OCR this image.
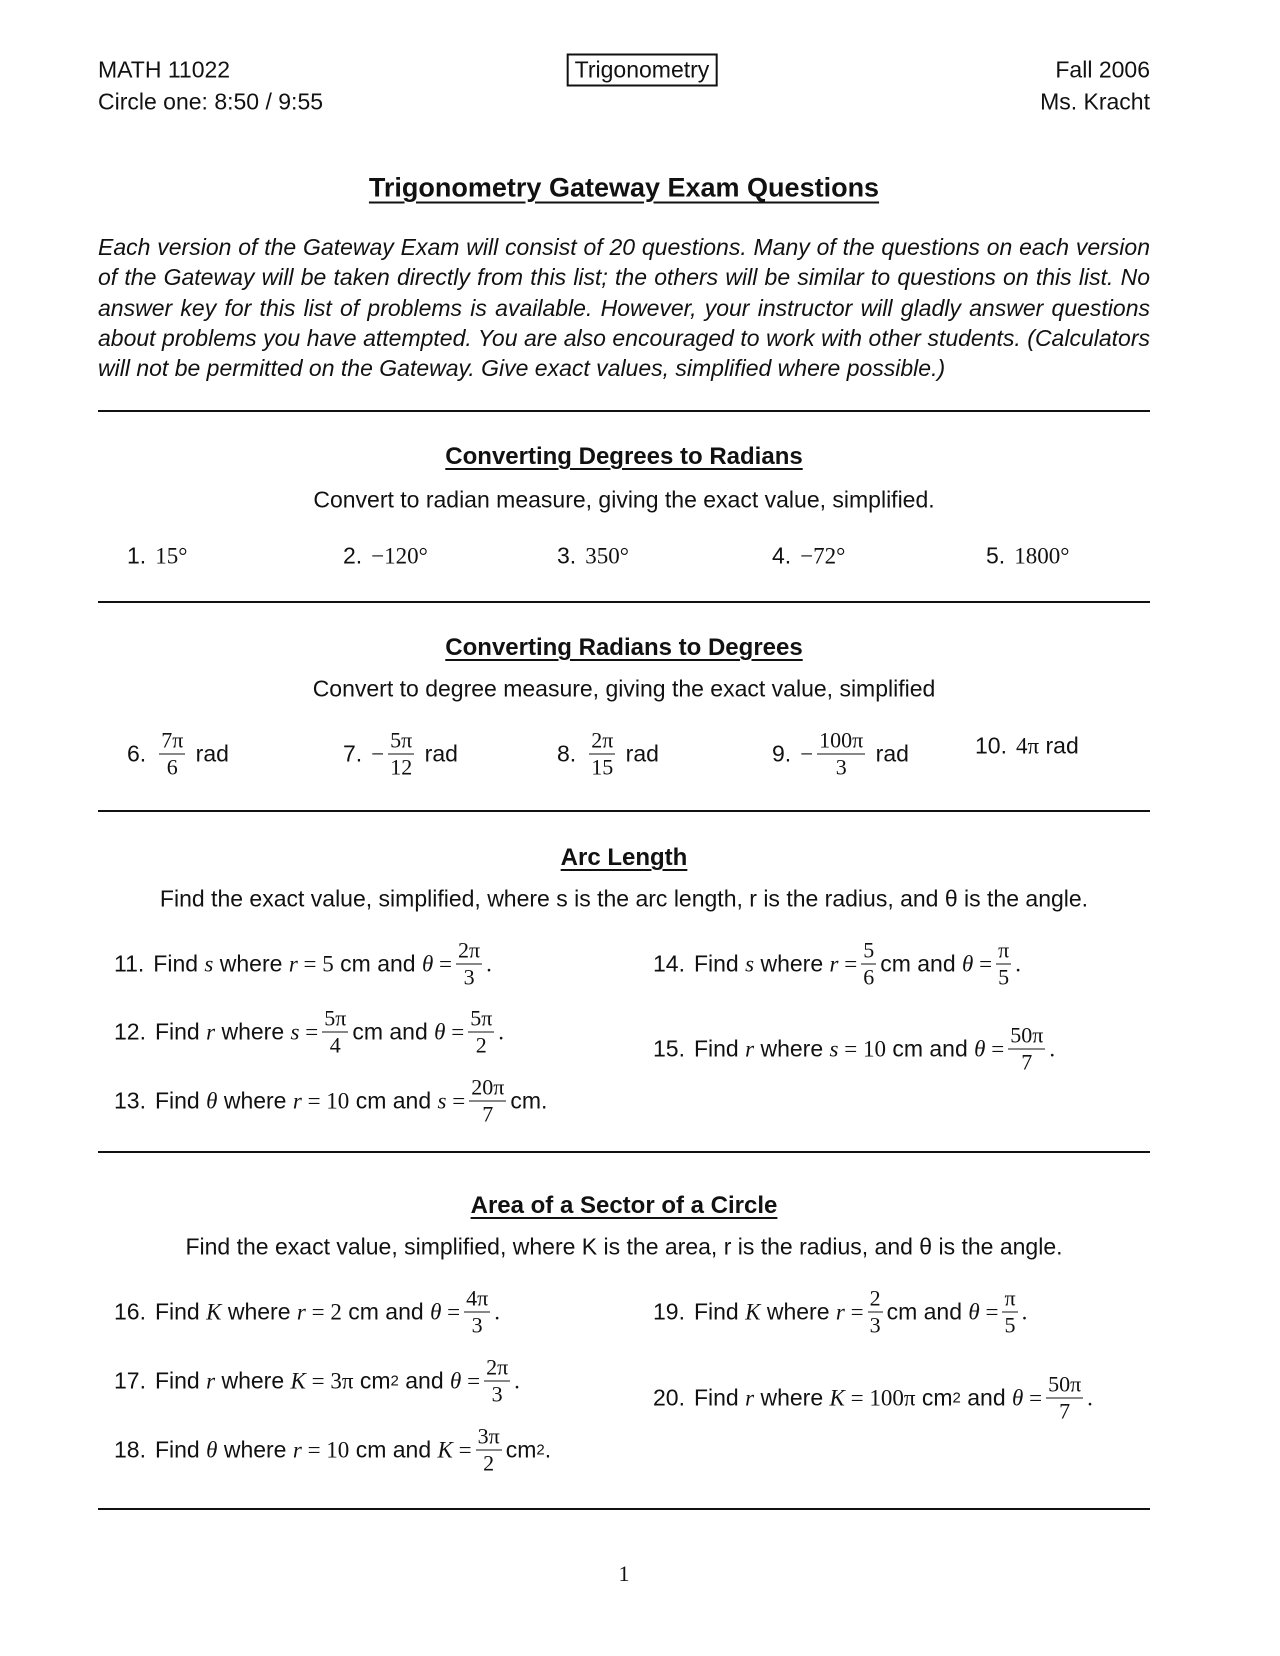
MATH 11022
Circle one: 8:50 / 9:55
Trigonometry	Fall 2006
Ms. Kracht
Trigonometry Gateway Exam Questions
Each version of the Gateway Exam will consist of 20 questions. Many of the questions on each version of the Gateway will be taken directly from this list; the others will be similar to questions on this list. No answer key for this list of problems is available. However, your instructor will gladly answer questions about problems you have attempted. You are also encouraged to work with other students. (Calculators will not be permitted on the Gateway. Give exact values, simplified where possible.)
Converting Degrees to Radians
Convert to radian measure, giving the exact value, simplified.
1. 15°	2. −120°	3. 350°	4. −72°	5. 1800°
Converting Radians to Degrees
Convert to degree measure, giving the exact value, simplified
6. $\frac{7\pi}{6}$ rad	7. − $\frac{5\pi}{12}$ rad	8. $\frac{2\pi}{15}$ rad	9. − $\frac{100\pi}{3}$ rad	10. 4π rad
Arc Length
Find the exact value, simplified, where s is the arc length, r is the radius, and θ is the angle.
11. Find s where r = 5 cm and $\theta = \frac{2\pi}{3}$ .
12. Find r where $s = \frac{5\pi}{4}$ cm and $\theta = \frac{5\pi}{2}$ .
13. Find θ where r = 10 cm and $s = \frac{20\pi}{7}$ cm.
14. Find s where $r = \frac{5}{6}$ cm and $\theta = \frac{\pi}{5}$ .
15. Find r where s = 10 cm and $\theta = \frac{50\pi}{7}$ .
Area of a Sector of a Circle
Find the exact value, simplified, where K is the area, r is the radius, and θ is the angle.
16. Find K where r = 2 cm and $\theta = \frac{4\pi}{3}$ .
17. Find r where K = 3π cm 2 and $\theta = \frac{2\pi}{3}$ .
18. Find θ where r = 10 cm and $K = \frac{3\pi}{2}$ cm 2 .
19. Find K where $r = \frac{2}{3}$ cm and $\theta = \frac{\pi}{5}$ .
20. Find r where K = 100π cm 2 and $\theta = \frac{50\pi}{7}$ .
1
